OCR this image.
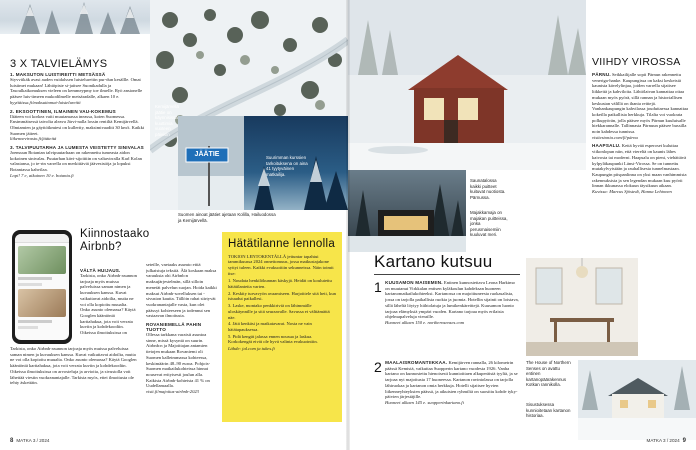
JÄÄTIE
Kemijärvellä jäätie on käynnisissä kuuttimia vuoteen päivisin
Suurimman kurssien tarkoituksena on aina 41 tyytyväinen matkailija.
Suomen ainoat jäätiet ajetaan Kolilla, Hailuodossa ja Kemijärvellä.
3 X TALVIELÄMYS
1. MAKSUTON LUISTIREITTI METSÄSSÄ
Styvviikäk avasi auden vuidalssen luistelureitin pur-dun kesällle. Omat luistimet mukaan! Lähtöpiste si-jaitsee Suonikadulla ja Tasoulkaikomuksen vieleen on kemmeypmy toe ilmelle. Ryö ansionelle pääsee luis-timeen mukodilmelle metsäradalle, alkaen 10 e.
hyytiäissa.fi/maksuttomat-luistelureitit
2. EKSOOTTINEN, ILMAINEN VAU-KOKEMUS
Iltäteen voi korkea vaiti muutamassa ineassa, koten Suomessa. Ensimmäisessä taivolta aleava Järvi-nalla lossin rentiltä Kemijärvellä. Olmtamien ja gäyttöikmiesi on kullertty, maksimivaaditt 30 km/t. Kaikki Suomen jäiteet.
liikennevirasto.fi/jääteitä
3. TALVIPUUTARHA JA LUMESTA VEISTETTY SINIVALAS
Joensuun Botanian talvipuutarhaan on rakennettu tumeasta aidon kokoinen sinivalas. Puutarhan kävi-sijoittiin on valtavirralla Karl Kolan valastansa, jo te-rin varrella on merkittäviä jäävesistöja ja lopuksi Botaniassa kahvilaa.
Lopi! 7 e, aikuinen 10 e. botania.fi
Kiinnostaako Airbnb?
VÄLTÄ HUIJAUS.
Tarkista, onko Airbnb-asunnon tarjoaja myös muissa palveluissa saman nimen ja kuvauksen kanssa. Kuvat vaikuttavat aidoilta, mutta ne voi olla kopioitu muualta. Onko asunto olemassa? Käytä Googlen kääntöniä karttahakua, jota voit verrata kuviin ja kohdekoodiin. Oikeissa ilmoituksissa on
Tarkista, onko Airbnb-asunnon tarjoaja myös muissa palveluissa saman nimen ja kuvauksen kanssa. Kuvat vaikuttavat aidoilta, mutta ne voi olla kopioitu muualta. Onko asunto olemassa? Käytä Googlen kääntöniä karttahakua, jota voit verrata kuviin ja kohdekoodiin. Oikeissa ilmoituksissa on arvosteluja ja arvioita, ja sivustolla voit lähettää viestin vuokranantajalle. Tarkista myös, ettei ilmoitusta ole tehty äskettäin.
seteille, vaetaaks asumto ettiä julkaistuja tekstiä. Älä koskaan maksa varauksia ohi Airbnb:n maksujärjestelmän, sillä silloin menetät palvelun suojan. Hoida kaikki maksut Airbnb-sovelluksen tai -sivuston kautta. Tällöin rahat siirtyvät vuokranantajalle vasta, kun olet päässyt kohteeseen ja todennut sen vastaavan ilmoitusta.
ROVANIEMELLÄ PAHIN TUOTTO
Ollessa tarkkana varaisit asuntoa sinne, missä kysyntä on suurin. Airbnb:n ja Majoittajan antamien tietojen mukaan Rovaniemi oli Suomen kalleimmassa kohteessa, keskimäärin 48–90 euroa. Pohjois-Suomen matkailukohteissa hinnat nousevat erityisesti joulun alla. Kaikista Airbnb-kohteista 41 % on Uudellamaalla.
visit.fi/majoitus-airbnb-2023
Hätätilanne lennolla
TOKION LENTOKENTÄLLÄ jettuntar tapahtui tammikuussa 2024 onnettomuus, jossa matkustajakone syttyi tuleen. Kaikki evakuoitiin sekunneissa. Näin toimit itse:
1. Noudata henkilökunnan käskyjä. Heidät on koulutettu hätätilanteita varten.
2. Keskity turvavyön avaamiseen. Harjoittele sitä heti, kun istuudut paikallesi.
3. Laske, montako penkkiriviä on lähimmälle uloskäynnille ja sitä seuraavalle. Savussa et välttämättä näe.
4. Jätä kenkäsi ja matkatavarat. Nosta ne vain hätätapauksessa.
5. Pidä kengät jalassa ennen nousua ja laskua. Korkokengät eivät ole hyvä valinta evakuointiin.
Lähde: jal.com ja tukes.fi
8 MATKA 3 / 2024
Saunatalossa kaikki puitteet kuituvat nuotiosta. Pärnussa.
Majakkamaja on majakan puitteissa, jonka perusmaisemiin kuuluvat meri.
VIIHDY VIROSSA
PÄRNU. Seikkailijalle sopii Pärnun rakennettu veneriga-hanke. Kaupungissa on kaksi keskeistä kaunista kävelylinjaa, joiden varrella sijaitsee liikkeitä ja kahviloita. Lähtölaivan kannattaa ottaa mukaan myös pyörä, sillä rannan ja historiallisen keskustan välillä on ihania reittejä. Vanhankaupungin kahvilassa jouduttaessa kannattaa kokeilla paikallisia herkkuja. Tilalta voi vuokrata polkupyörän, jolla pääsee myös Pärnun kuuluisalle hiekkarannalle. Tallinnasta Pärnuun pääsee bussilla noin kahdessa tunnissa.
visitestonia.com/fi/pärnu
HAAPSALU. Kettä hyvää esperoset kuluttaa viikonlopun niin, että viereltä on kaunis lähes kaivosta tai moderni. Haapsalu on pieni, viehättävä kylpyläkaupunki Länsi-Virossa. Se on tunnettu mutakylvyistään ja rauhallisesta tunnelmastaan. Kaupungin piispanlinna on yksi maan vanhimmista rakennuksista ja sen legendan mukaan kuu pyörii linnan ikkunassa elokuun täysikuun aikaan.
Kuvissa: Marcus Sjöstedt, Hanna Lehtonen
Kartano kutsuu
1 KUUSAMON MAISEMIIN. Entinen kunnostettava Leona Harkimo on muutanut Virkkalan entisen kyläkoulun kahdeksan huoneen kartanomatkailukohteeksi. Kartanossa on majoittuneesta ruokasalista, jossa on tarjolla paikallisia ruokia ja juomia. Hotellin sijainti on loistava, sillä läheltä löytyy hiihtolatuja ja lumikenkäreittejä. Kuusamon luonto tarjoaa elämyksiä ympäri vuoden. Kartano tarjoaa myös erilaisia ohjelmapalveluja vieraille.
Huoneet alkaen 150 e. northernsenses.com
2 MAALAISROMANTIIKKAA. Kemijärven rannalla, 26 kilometrin päässä Kemistä, vaikuttaa Suopperin kartano vuodesta 1926. Vanha kartano on kunnostettu hienoisesti kunnioittaen alkuperäistä tyyliä, ja se tarjoaa nyt majoitusta 17 huoneessa. Kartanon ravintolassa on tarjolla lähiruokaa ja kartanon omia herkkuja. Hotelli sijaitsee hyvien liikenneyhteyksien päässä, ja aikuisten ryhmiltä on suosittu kohde tyky-päivien järjestäjille.
Huoneet alkaen 145 e. suopperinkartano.fi
The House of Northern Senses on avattu entinen kartanopäärakennus Kotkan rannikolla.
Sisustuksessa kunnioitetaan kartanon historiaa.
MATKA 3 / 2024 9
